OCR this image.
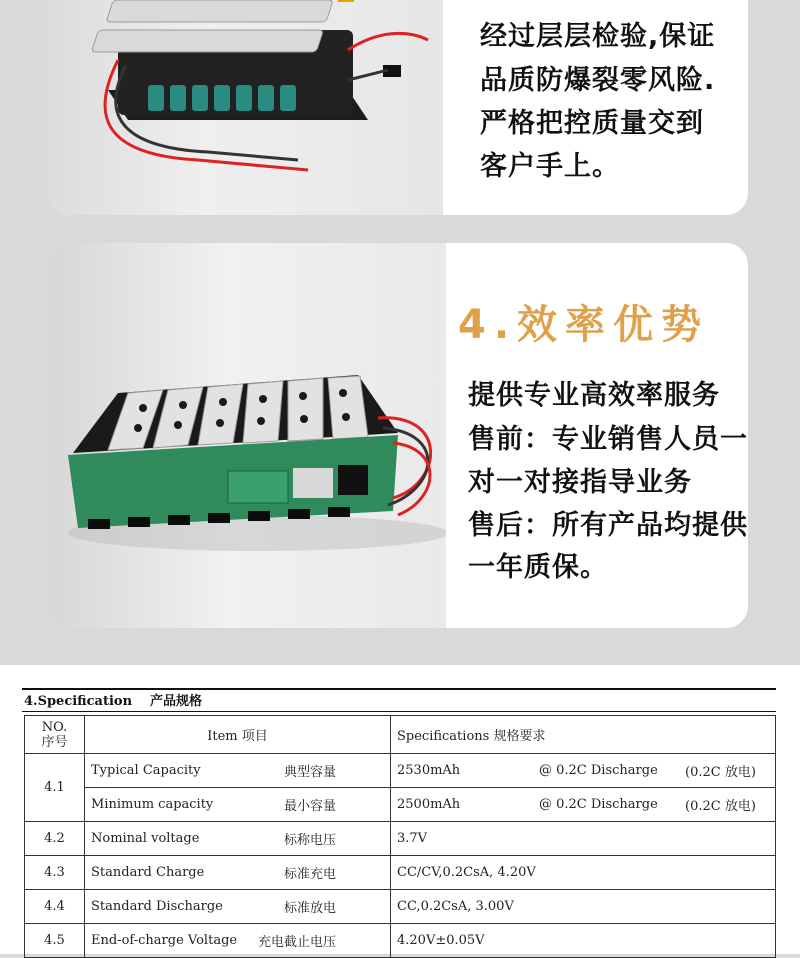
经过层层检验,保证
品质防爆裂零风险.
严格把控质量交到
客户手上。
4.效率优势
提供专业高效率服务
售前：专业销售人员一
对一对接指导业务
售后：所有产品均提供
一年质保。
4.Specification 产品规格
NO.
序号	Item 项目	Specifications 规格要求
4.1	Typical Capacity 典型容量	2530mAh @ 0.2C Discharge (0.2C 放电)

	Minimum capacity 最小容量	2500mAh @ 0.2C Discharge (0.2C 放电)

4.2	Nominal voltage 标称电压	3.7V
4.3	Standard Charge 标准充电	CC/CV,0.2CsA, 4.20V
4.4	Standard Discharge 标准放电	CC,0.2CsA, 3.00V
4.5	End-of-charge Voltage 充电截止电压	4.20V±0.05V
